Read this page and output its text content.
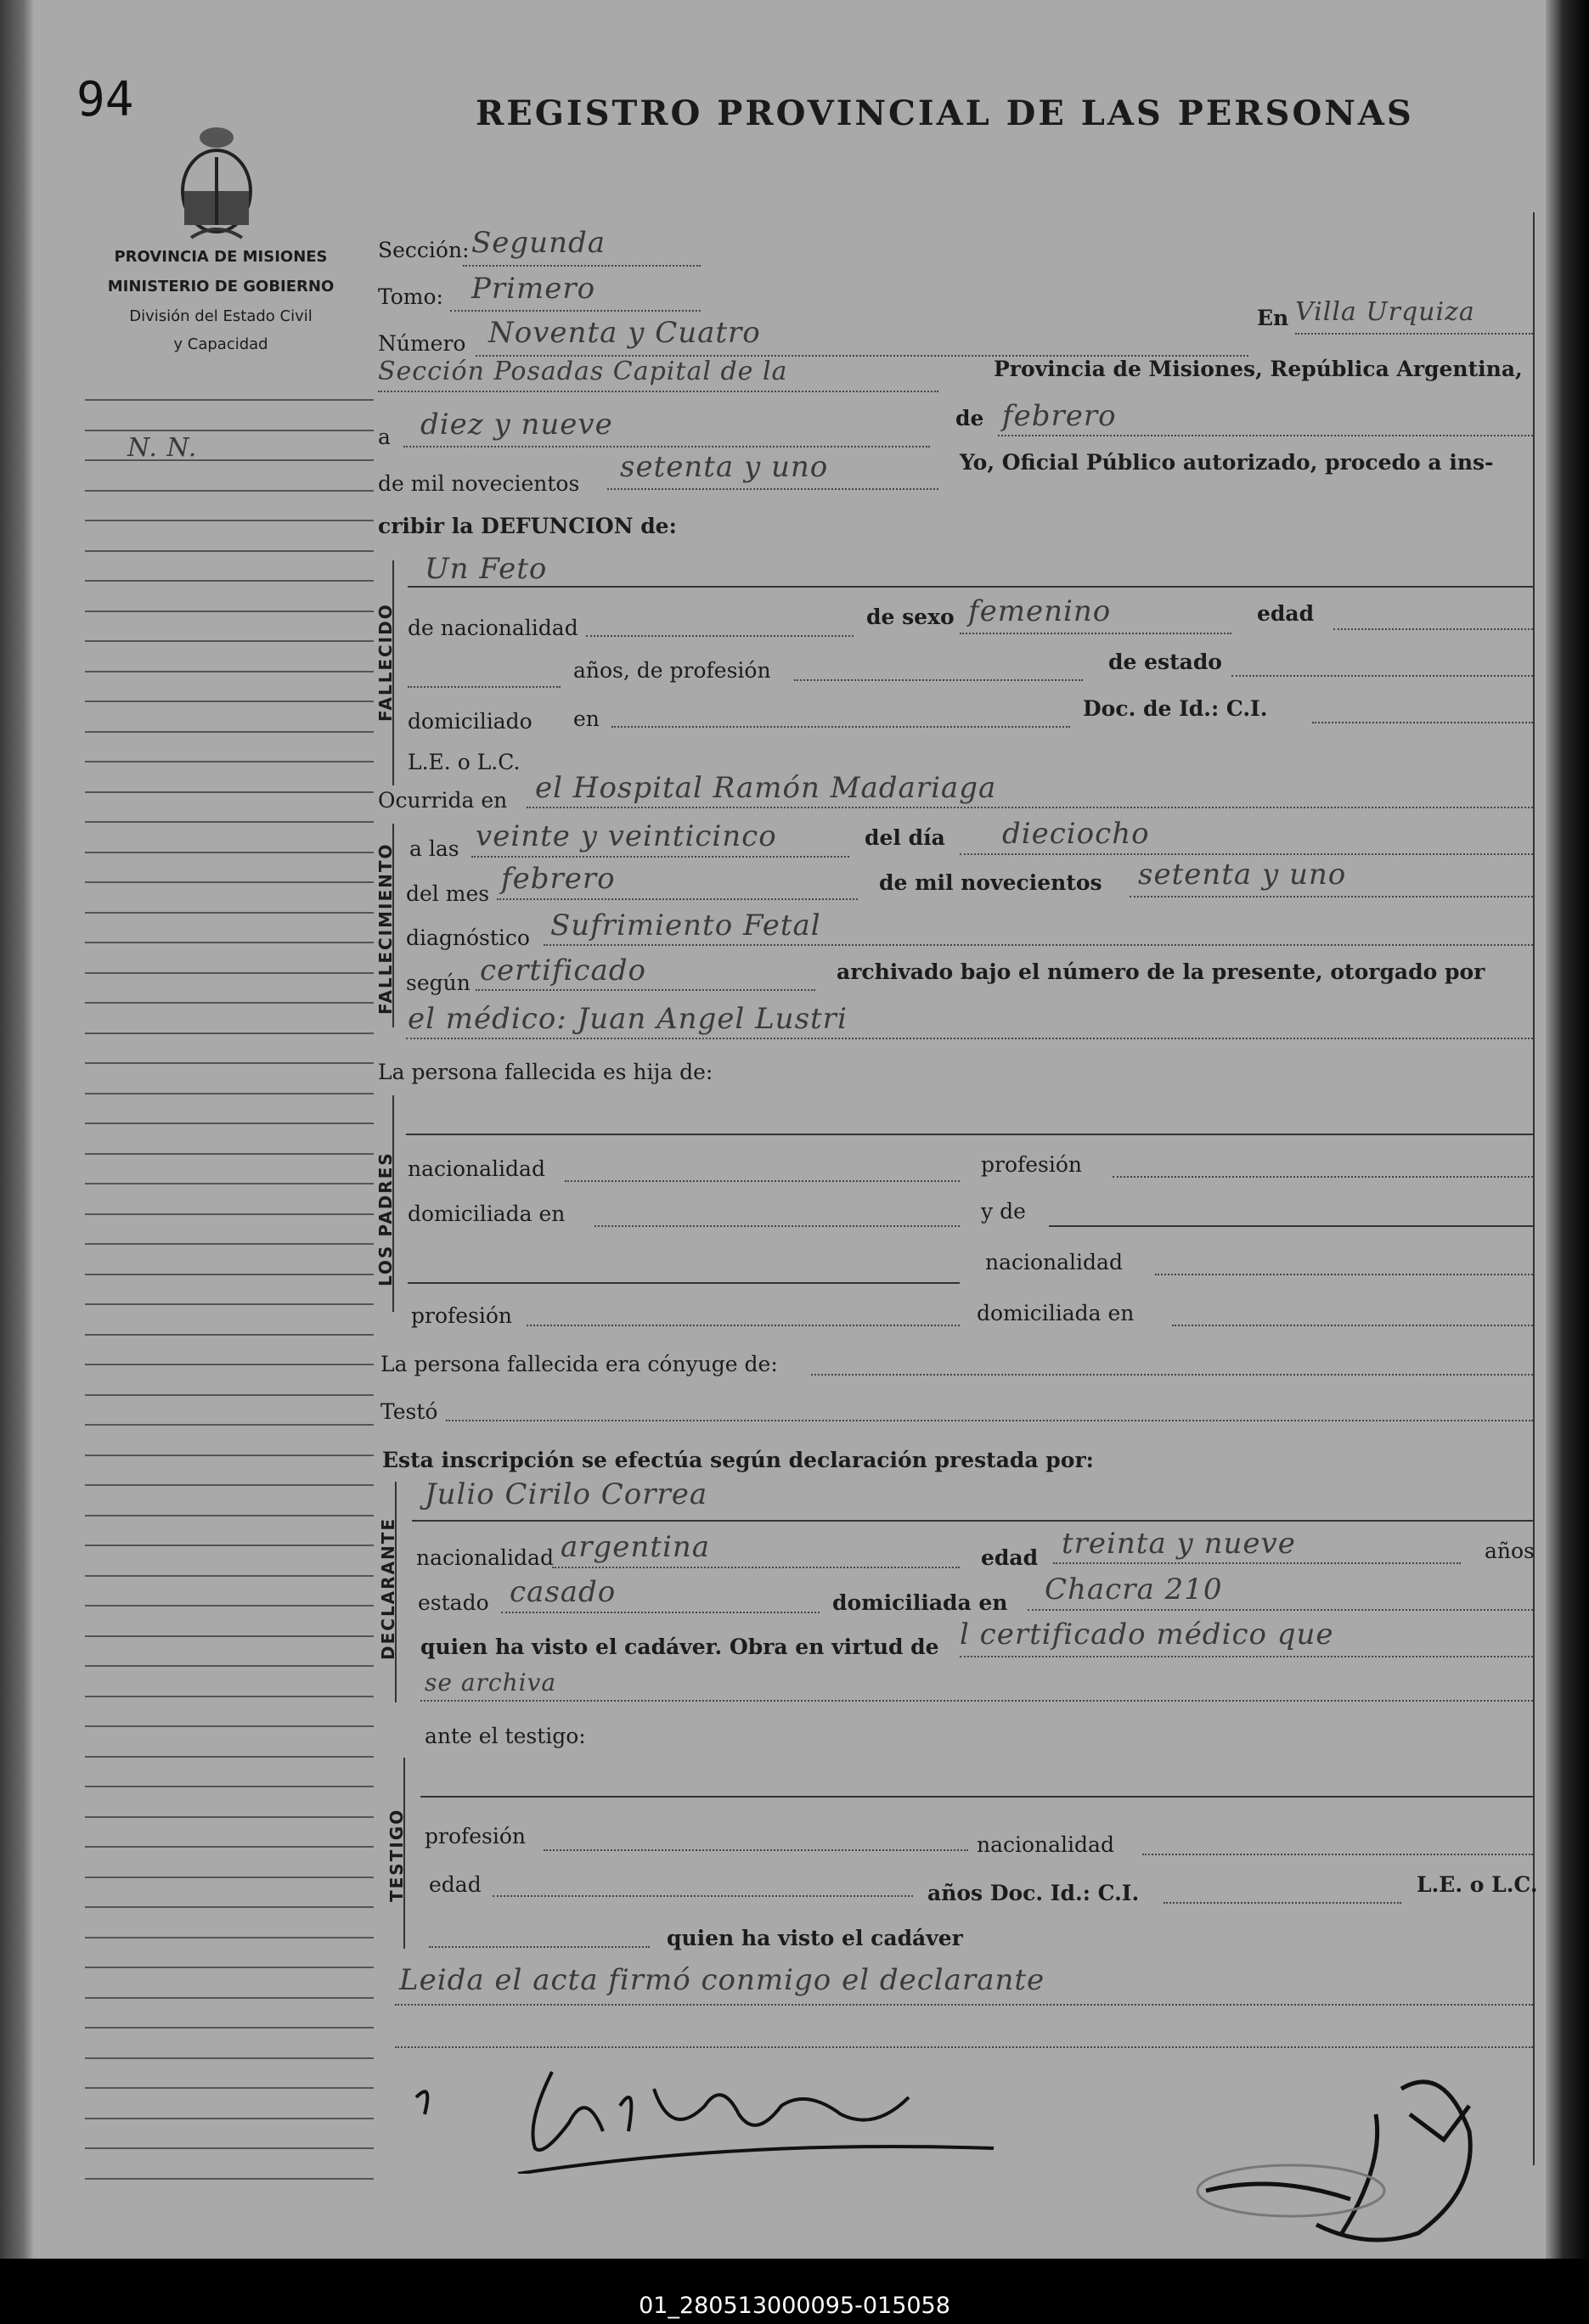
94	REGISTRO PROVINCIAL DE LAS PERSONAS
PROVINCIA DE MISIONES
MINISTERIO DE GOBIERNO
División del Estado Civil
y Capacidad
N. N.
Sección: Segunda
Tomo: Primero
Número Noventa y Cuatro	En Villa Urquiza
Sección Posadas Capital de la	Provincia de Misiones, República Argentina,
a diez y nueve	de febrero
de mil novecientos setenta y uno	Yo, Oficial Público autorizado, procedo a ins-
cribir la DEFUNCION de:
FALLECIDO
Un Feto
de nacionalidad	de sexo femenino	edad
años, de profesión	de estado
domiciliado en	Doc. de Id.: C.I.
L.E. o L.C.
Ocurrida en el Hospital Ramón Madariaga
FALLECIMIENTO a las veinte y veinticinco	del día dieciocho
del mes febrero	de mil novecientos setenta y uno
diagnóstico Sufrimiento Fetal
según certificado	archivado bajo el número de la presente, otorgado por
el médico: Juan Angel Lustri
La persona fallecida es hija de:
LOS PADRES nacionalidad	profesión
domiciliada en	y de
nacionalidad
profesión	domiciliada en
La persona fallecida era cónyuge de:
Testó
Esta inscripción se efectúa según declaración prestada por:
DECLARANTE
Julio Cirilo Correa
nacionalidad argentina	edad treinta y nueve	años
estado casado	domiciliada en Chacra 210
quien ha visto el cadáver. Obra en virtud de l certificado médico que
se archiva
ante el testigo:
TESTIGO profesión	nacionalidad
edad	años Doc. Id.: C.I.	L.E. o L.C.
quien ha visto el cadáver
Leida el acta firmó conmigo el declarante
01_280513000095-015058
